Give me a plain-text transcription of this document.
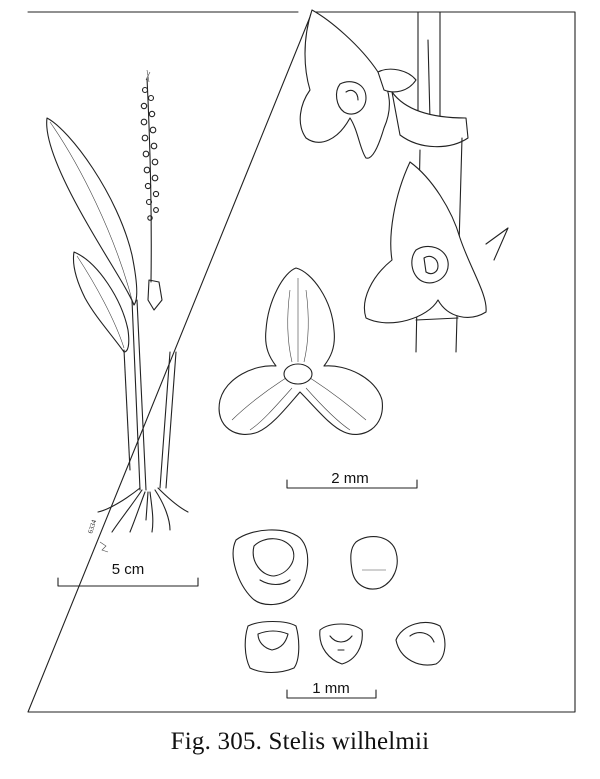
6334
5 cm
2 mm
1 mm
Fig. 305. Stelis wilhelmii
